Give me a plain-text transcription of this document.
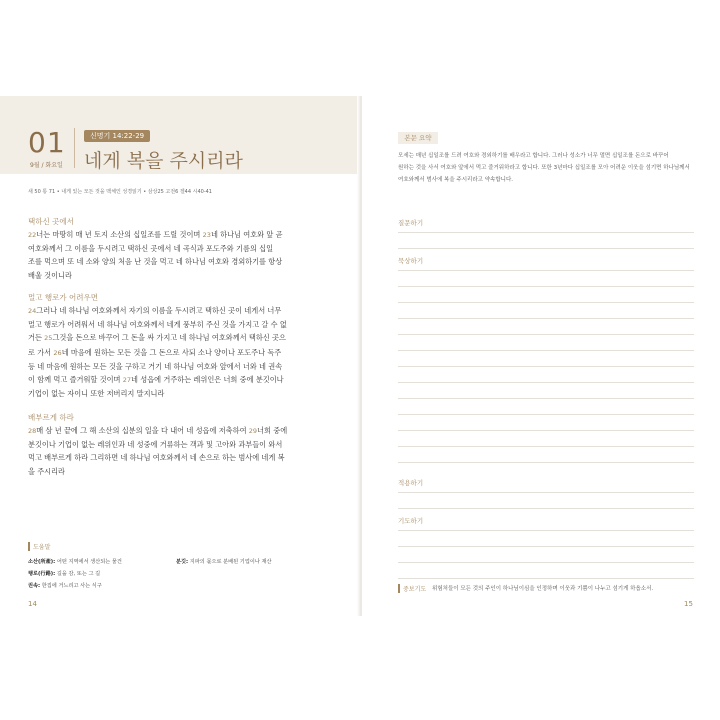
01
9월 / 화요일
신명기 14:22-29
네게 복을 주시리라
새 50 통 71 • 내게 있는 모든 것을 맥체인 성경읽기 • 삼상25 고전6 겔44 시40-41
택하신 곳에서
22너는 마땅히 매 년 토지 소산의 십일조를 드릴 것이며 23네 하나님 여호와 앞 곧
여호와께서 그 이름을 두시려고 택하신 곳에서 네 곡식과 포도주와 기름의 십일
조를 먹으며 또 네 소와 양의 처음 난 것을 먹고 네 하나님 여호와 경외하기를 항상
배울 것이니라
멀고 행로가 어려우면
24그러나 네 하나님 여호와께서 자기의 이름을 두시려고 택하신 곳이 네게서 너무
멀고 행로가 어려워서 네 하나님 여호와께서 네게 풍부히 주신 것을 가지고 갈 수 없
거든 25그것을 돈으로 바꾸어 그 돈을 싸 가지고 네 하나님 여호와께서 택하신 곳으
로 가서 26네 마음에 원하는 모든 것을 그 돈으로 사되 소나 양이나 포도주나 독주
등 네 마음에 원하는 모든 것을 구하고 거기 네 하나님 여호와 앞에서 너와 네 권속
이 함께 먹고 즐거워할 것이며 27네 성읍에 거주하는 레위인은 너희 중에 분깃이나
기업이 없는 자이니 또한 저버리지 말지니라
배부르게 하라
28매 삼 년 끝에 그 해 소산의 십분의 일을 다 내어 네 성읍에 저축하여 29너희 중에
분깃이나 기업이 없는 레위인과 네 성중에 거류하는 객과 및 고아와 과부들이 와서
먹고 배부르게 하라 그리하면 네 하나님 여호와께서 네 손으로 하는 범사에 네게 복
을 주시리라
도움말
소산(所產): 어떤 지역에서 생산되는 물건	분깃: 지파의 몫으로 분배된 기업이나 재산
행로(行路): 길을 감, 또는 그 길
권속: 한집에 거느리고 사는 식구
14
본문 요약
모세는 매년 십일조를 드려 여호와 경외하기를 배우라고 합니다. 그러나 성소가 너무 멀면 십일조를 돈으로 바꾸어
원하는 것을 사서 여호와 앞에서 먹고 즐거워하라고 합니다. 또한 3년마다 십일조를 모아 어려운 이웃을 섬기면 하나님께서
여호와께서 범사에 복을 주시리라고 약속합니다.
질문하기
묵상하기
적용하기
기도하기
중보기도 위험처들이 모든 것의 주인이 하나님이심을 인정하며 이웃과 기쁨이 나누고 섬기게 하옵소서.
15
